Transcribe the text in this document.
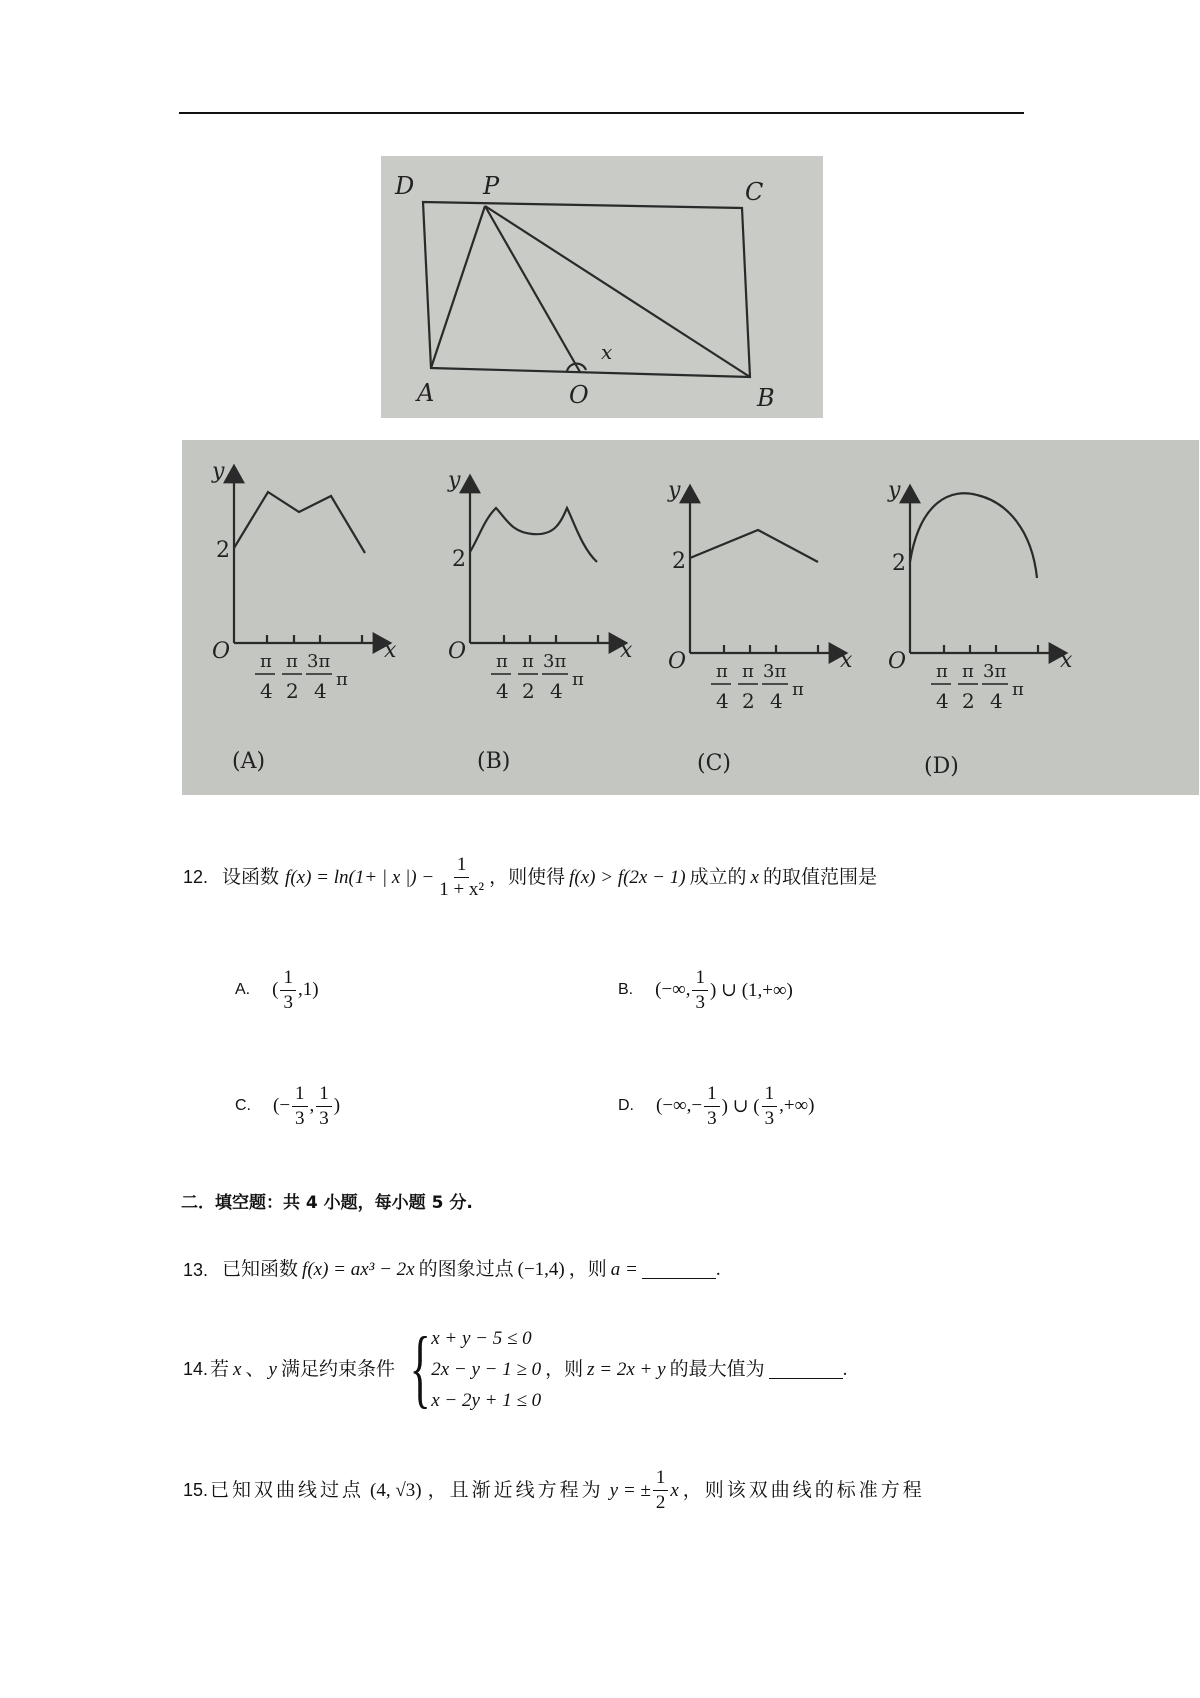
D	P	C
A	O	B
x
y
x
O
2
π
4
π
2
3π
4 π
(A)
y
x
O
2
π
4
π
2
3π
4 π
(B)
y
x
O
2
π
4
π
2
3π
4 π
(C)
y
x
O
2
π
4
π
2
3π
4 π
(D)
12. 设函数 f(x) = ln(1+ | x |) − $\frac{1}{\text{1 + x²}}$ ，则使得 f(x) > f(2x − 1) 成立的 x 的取值范围是
A. ( $\frac{1}{3} ,1$)	B. (−∞, $\frac{1}{3}$ ) ∪ (1,+∞)
C. (− $\frac{1}{3}$ , $\frac{1}{3}$ )	D. (−∞,− $\frac{1}{3}$ ) ∪ ( $\frac{1}{3}$ ,+∞)
二．填空题：共 4 小题，每小题 5 分.
13. 已知函数 f(x) = ax³ − 2x 的图象过点 (−1,4) ，则 a =	.
14. 若 x 、 y 满足约束条件 { x + y − 5 ≤ 0
2x − y − 1 ≥ 0
x − 2y + 1 ≤ 0
，则 z = 2x + y 的最大值为	.
15. 已知双曲线过点 (4, √3) ，且渐近线方程为 y = ± $\frac{1}{2}$ x ，则该双曲线的标准方程
